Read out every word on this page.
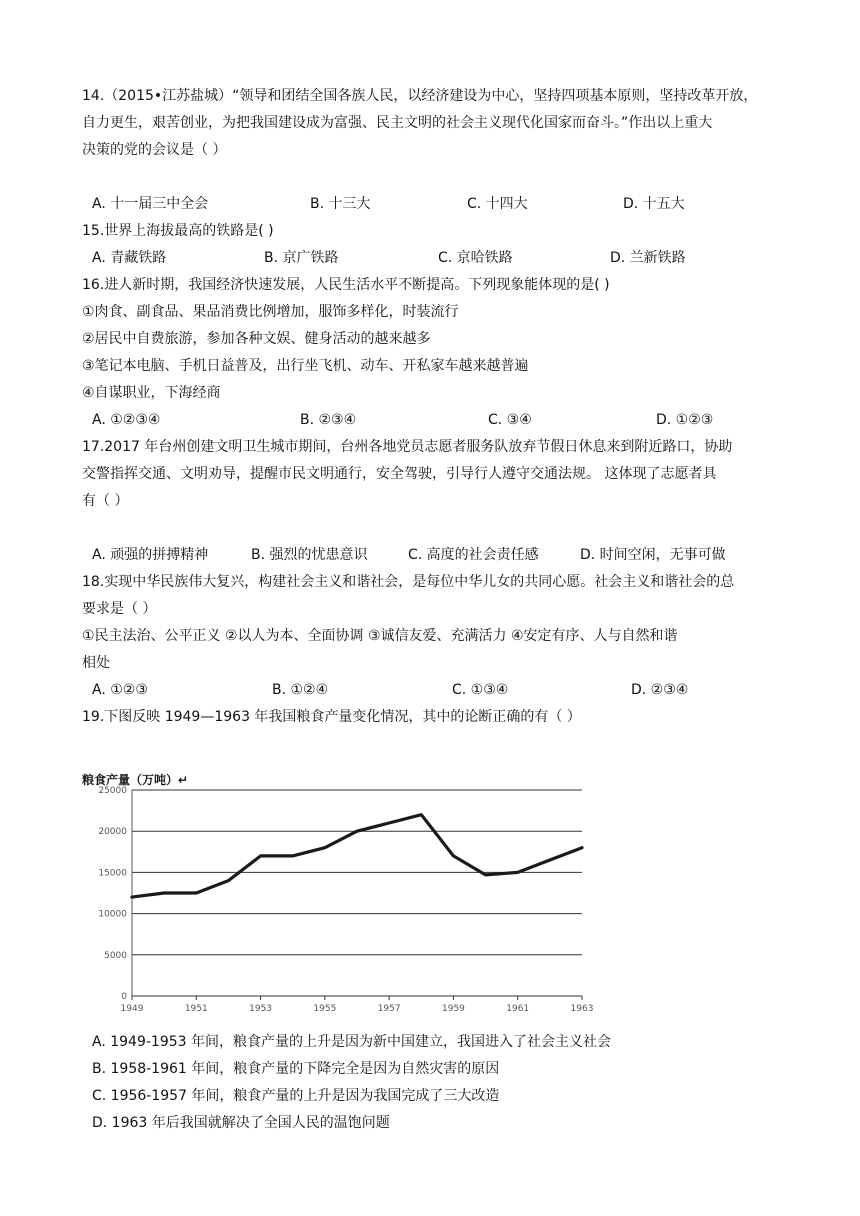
14.（2015•江苏盐城）“领导和团结全国各族人民，以经济建设为中心，坚持四项基本原则，坚持改革开放，
自力更生，艰苦创业，为把我国建设成为富强、民主文明的社会主义现代化国家而奋斗。”作出以上重大
决策的党的会议是（ ）
A. 十一届三中全会	B. 十三大	C. 十四大	D. 十五大
15.世界上海拔最高的铁路是( )
A. 青藏铁路	B. 京广铁路	C. 京哈铁路	D. 兰新铁路
16.进人新时期，我国经济快速发展，人民生活水平不断提高。下列现象能体现的是( )
①肉食、副食品、果品消费比例增加，服饰多样化，时装流行
②居民中自费旅游，参加各种文娱、健身活动的越来越多
③笔记本电脑、手机日益普及，出行坐飞机、动车、开私家车越来越普遍
④自谋职业，下海经商
A. ①②③④	B. ②③④	C. ③④	D. ①②③
17.2017 年台州创建文明卫生城市期间，台州各地党员志愿者服务队放弃节假日休息来到附近路口，协助
交警指挥交通、文明劝导，提醒市民文明通行，安全驾驶，引导行人遵守交通法规。 这体现了志愿者具
有（ ）
A. 顽强的拼搏精神	B. 强烈的忧患意识	C. 高度的社会责任感	D. 时间空闲，无事可做
18.实现中华民族伟大复兴，构建社会主义和谐社会，是每位中华儿女的共同心愿。社会主义和谐社会的总
要求是（ ）
①民主法治、公平正义 ②以人为本、全面协调 ③诚信友爱、充满活力 ④安定有序、人与自然和谐
相处
A. ①②③	B. ①②④	C. ①③④	D. ②③④
19.下图反映 1949—1963 年我国粮食产量变化情况，其中的论断正确的有（ ）
粮食产量（万吨）↵
0
5000
10000
15000
20000
25000
1949	1951	1953	1955	1957	1959	1961	1963
A. 1949-1953 年间，粮食产量的上升是因为新中国建立，我国进入了社会主义社会
B. 1958-1961 年间，粮食产量的下降完全是因为自然灾害的原因
C. 1956-1957 年间，粮食产量的上升是因为我国完成了三大改造
D. 1963 年后我国就解决了全国人民的温饱问题
